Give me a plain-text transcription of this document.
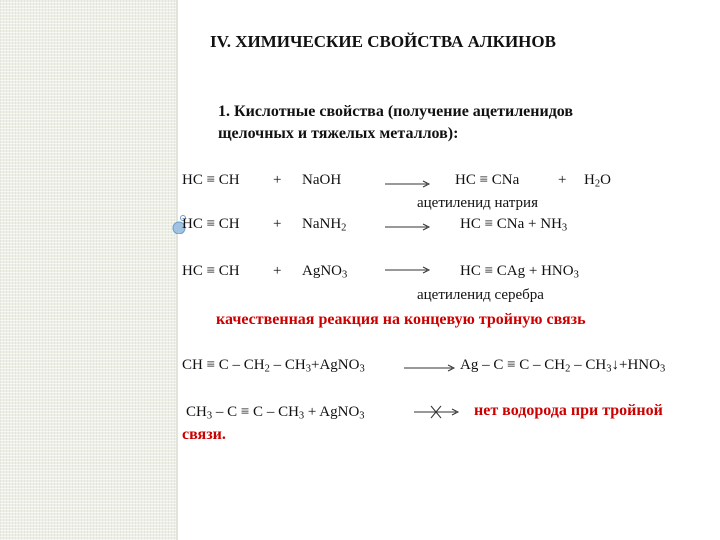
IV. ХИМИЧЕСКИЕ СВОЙСТВА АЛКИНОВ
1. Кислотные свойства (получение ацетиленидов
щелочных и тяжелых металлов):
HC ≡ CH + NaOH	HC ≡ CNa	+ $H_2O$
ацетиленид натрия
HC ≡ CH + NaNH$_2$	HC ≡ CNa + $NH_3$
HC ≡ CH + AgNO$_3$	HC ≡ CAg + $HNO_3$
ацетиленид серебра
качественная реакция на концевую тройную связь
CH ≡ C – $CH_2$ – $CH_3+AgNO_3$	$Ag - C \equiv C - CH_2$ – $CH_3↓+HNO_3$
$CH_3 - C \equiv C - CH_3$ + AgNO$_3$	нет водорода при тройной
связи.
